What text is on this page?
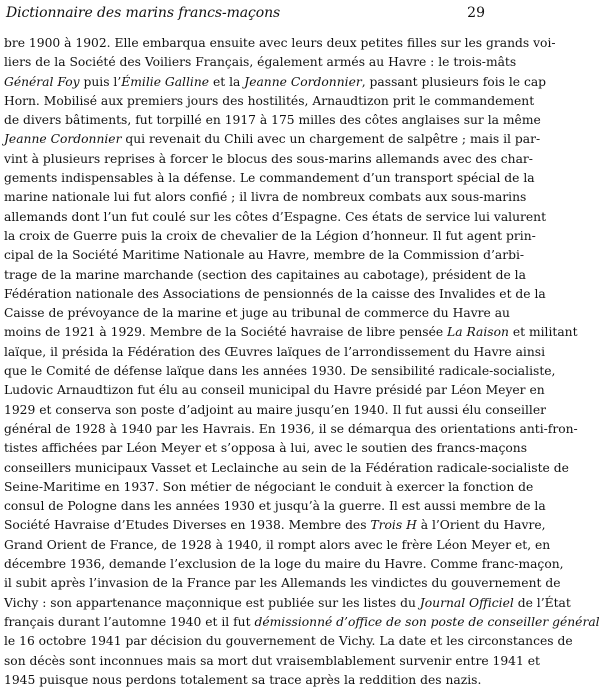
Dictionnaire des marins francs-maçons	29
bre 1900 à 1902. Elle embarqua ensuite avec leurs deux petites filles sur les grands voi-
liers de la Société des Voiliers Français, également armés au Havre : le trois-mâts
Général Foy puis l’Émilie Galline et la Jeanne Cordonnier, passant plusieurs fois le cap
Horn. Mobilisé aux premiers jours des hostilités, Arnaudtizon prit le commandement
de divers bâtiments, fut torpillé en 1917 à 175 milles des côtes anglaises sur la même
Jeanne Cordonnier qui revenait du Chili avec un chargement de salpêtre ; mais il par-
vint à plusieurs reprises à forcer le blocus des sous-marins allemands avec des char-
gements indispensables à la défense. Le commandement d’un transport spécial de la
marine nationale lui fut alors confié ; il livra de nombreux combats aux sous-marins
allemands dont l’un fut coulé sur les côtes d’Espagne. Ces états de service lui valurent
la croix de Guerre puis la croix de chevalier de la Légion d’honneur. Il fut agent prin-
cipal de la Société Maritime Nationale au Havre, membre de la Commission d’arbi-
trage de la marine marchande (section des capitaines au cabotage), président de la
Fédération nationale des Associations de pensionnés de la caisse des Invalides et de la
Caisse de prévoyance de la marine et juge au tribunal de commerce du Havre au
moins de 1921 à 1929. Membre de la Société havraise de libre pensée La Raison et militant
laïque, il présida la Fédération des Œuvres laïques de l’arrondissement du Havre ainsi
que le Comité de défense laïque dans les années 1930. De sensibilité radicale-socialiste,
Ludovic Arnaudtizon fut élu au conseil municipal du Havre présidé par Léon Meyer en
1929 et conserva son poste d’adjoint au maire jusqu’en 1940. Il fut aussi élu conseiller
général de 1928 à 1940 par les Havrais. En 1936, il se démarqua des orientations anti-fron-
tistes affichées par Léon Meyer et s’opposa à lui, avec le soutien des francs-maçons
conseillers municipaux Vasset et Leclainche au sein de la Fédération radicale-socialiste de
Seine-Maritime en 1937. Son métier de négociant le conduit à exercer la fonction de
consul de Pologne dans les années 1930 et jusqu’à la guerre. Il est aussi membre de la
Société Havraise d’Etudes Diverses en 1938. Membre des Trois H à l’Orient du Havre,
Grand Orient de France, de 1928 à 1940, il rompt alors avec le frère Léon Meyer et, en
décembre 1936, demande l’exclusion de la loge du maire du Havre. Comme franc-maçon,
il subit après l’invasion de la France par les Allemands les vindictes du gouvernement de
Vichy : son appartenance maçonnique est publiée sur les listes du Journal Officiel de l’État
français durant l’automne 1940 et il fut démissionné d’office de son poste de conseiller général
le 16 octobre 1941 par décision du gouvernement de Vichy. La date et les circonstances de
son décès sont inconnues mais sa mort dut vraisemblablement survenir entre 1941 et
1945 puisque nous perdons totalement sa trace après la reddition des nazis.
